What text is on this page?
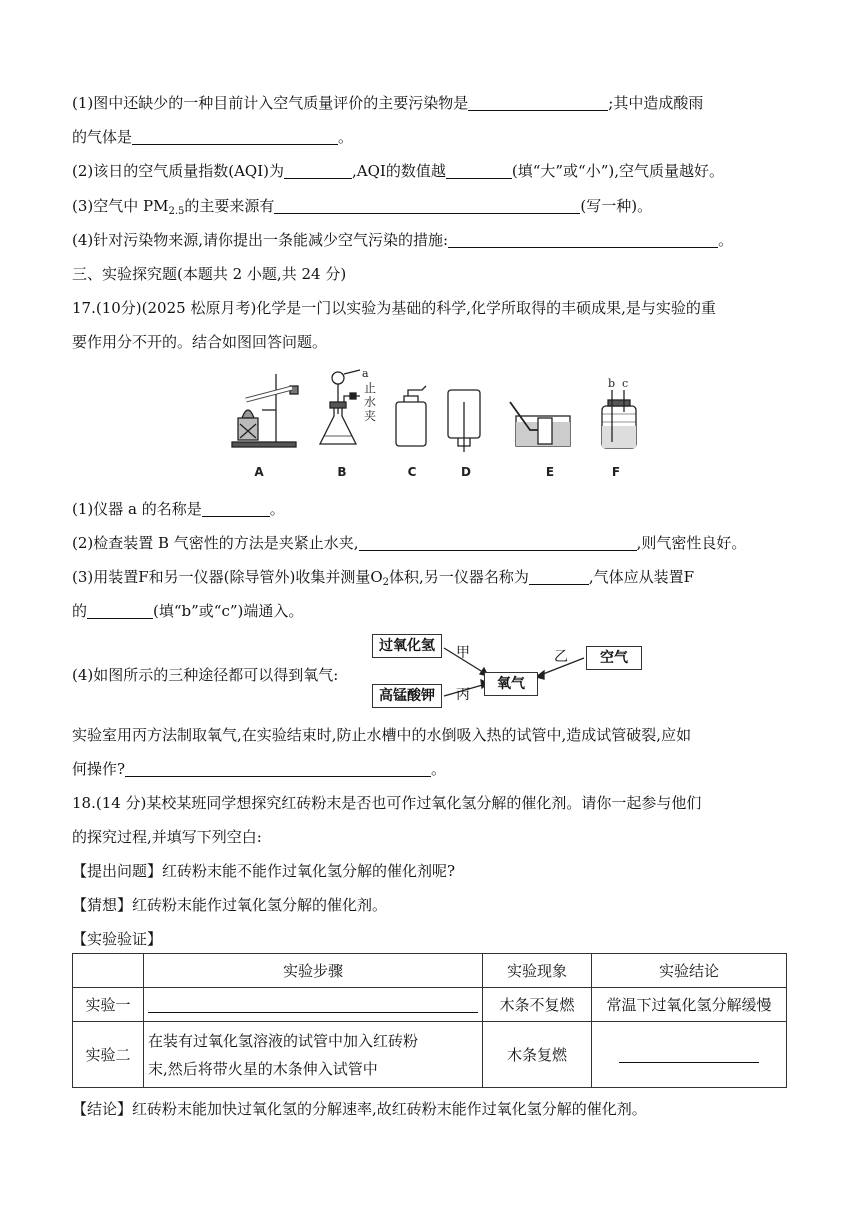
(1)图中还缺少的一种目前计入空气质量评价的主要污染物是	;其中造成酸雨
的气体是	。
(2)该日的空气质量指数(AQI)为	,AQI的数值越	(填“大”或“小”),空气质量越好。
(3)空气中 $PM_{2.5}$的主要来源有	(写一种)。
(4)针对污染物来源,请你提出一条能减少空气污染的措施:	。
三、实验探究题(本题共 2 小题,共 24 分)
17.(10分)(2025 松原月考)化学是一门以实验为基础的科学,化学所取得的丰硕成果,是与实验的重
要作用分不开的。结合如图回答问题。
A	B	C	D	E	F
a
止
水
夹
b c
(1)仪器 a 的名称是	。
(2)检查装置 B 气密性的方法是夹紧止水夹,	,则气密性良好。
(3)用装置F和另一仪器(除导管外)收集并测量$O_2$体积,另一仪器名称为	,气体应从装置F
的	(填“b”或“c”)端通入。
(4)如图所示的三种途径都可以得到氧气:
过氧化氢
高锰酸钾
氧气
空气
甲	乙
丙
实验室用丙方法制取氧气,在实验结束时,防止水槽中的水倒吸入热的试管中,造成试管破裂,应如
何操作?	。
18.(14 分)某校某班同学想探究红砖粉末是否也可作过氧化氢分解的催化剂。请你一起参与他们
的探究过程,并填写下列空白:
【提出问题】红砖粉末能不能作过氧化氢分解的催化剂呢?
【猜想】红砖粉末能作过氧化氢分解的催化剂。
【实验验证】
	实验步骤	实验现象	实验结论
实验一		木条不复燃	常温下过氧化氢分解缓慢
实验二	在装有过氧化氢溶液的试管中加入红砖粉
末,然后将带火星的木条伸入试管中	木条复燃	
【结论】红砖粉末能加快过氧化氢的分解速率,故红砖粉末能作过氧化氢分解的催化剂。
